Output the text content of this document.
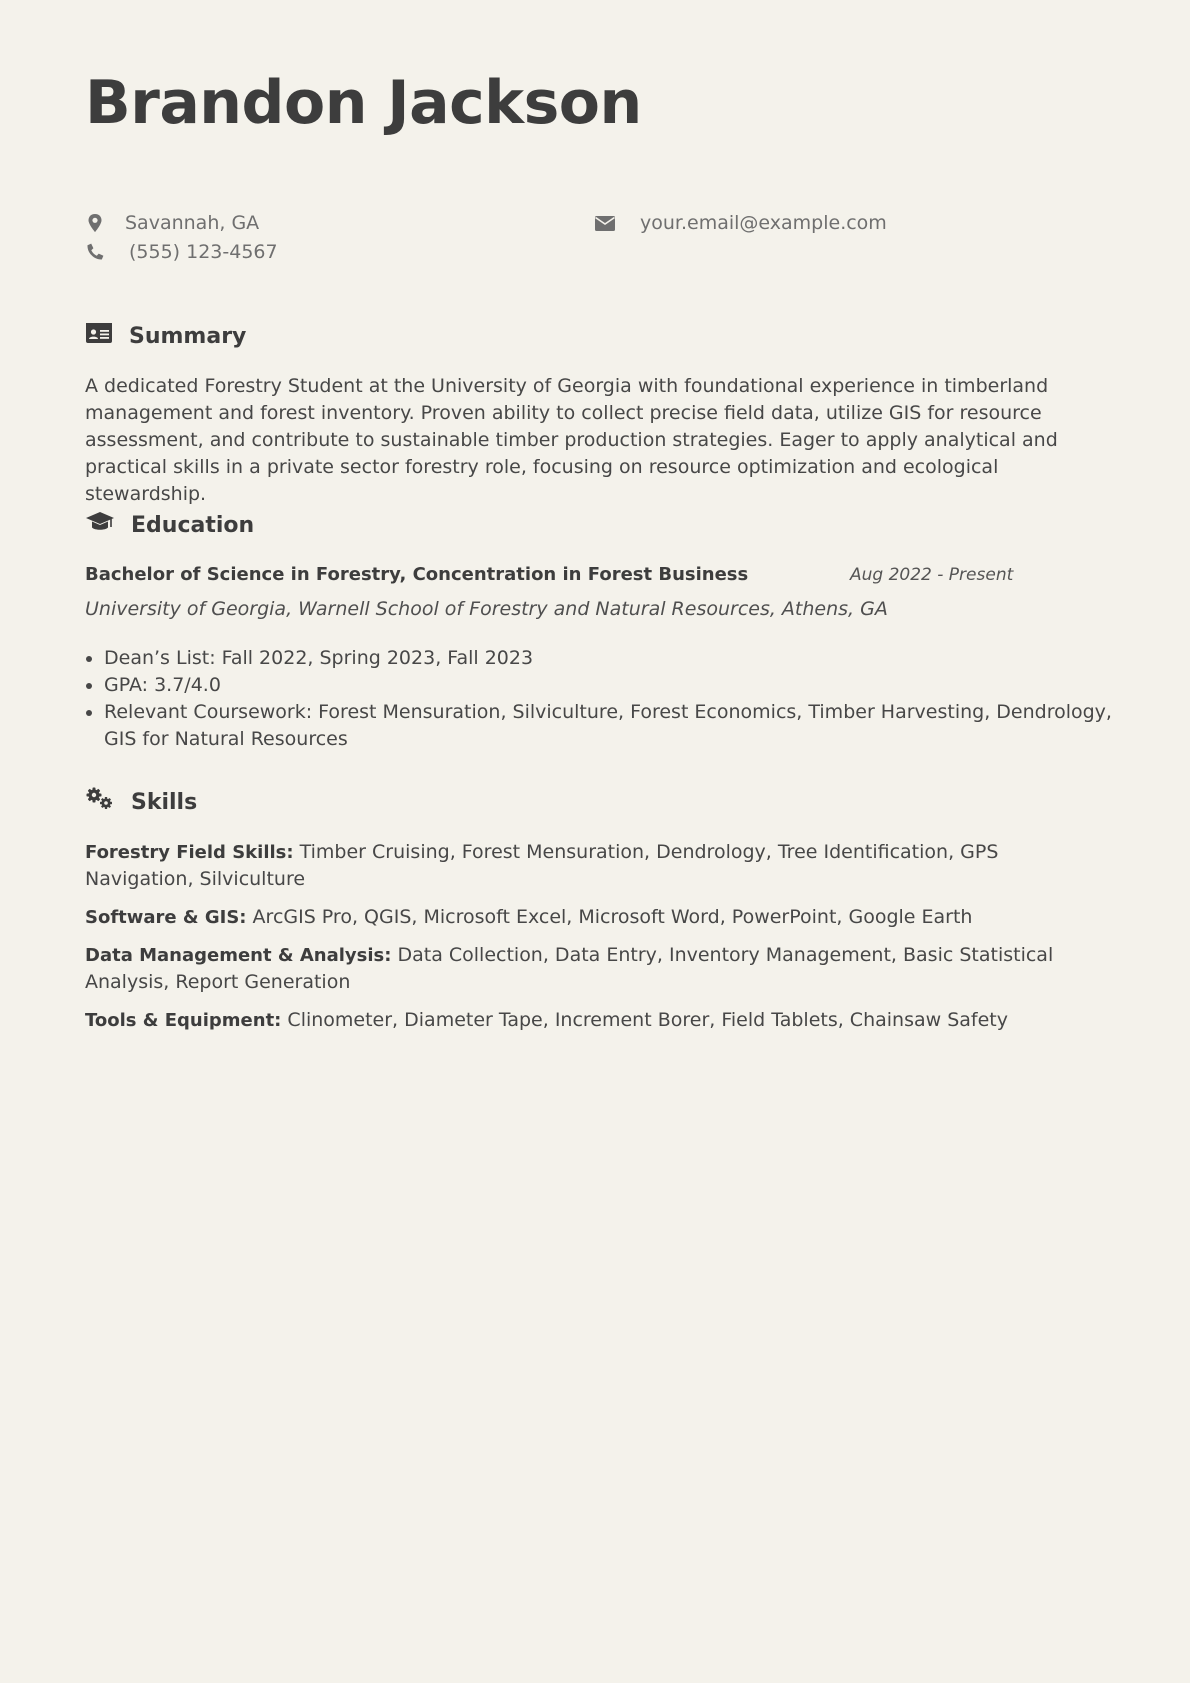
Brandon Jackson
Savannah, GA
(555) 123-4567
your.email@example.com
Summary

A dedicated Forestry Student at the University of Georgia with foundational experience in timberland management and forest inventory. Proven ability to collect precise field data, utilize GIS for resource assessment, and contribute to sustainable timber production strategies. Eager to apply analytical and practical skills in a private sector forestry role, focusing on resource optimization and ecological stewardship.

Education

Bachelor of Science in Forestry, Concentration in Forest Business	Aug 2022 - Present

University of Georgia, Warnell School of Forestry and Natural Resources, Athens, GA

• Dean’s List: Fall 2022, Spring 2023, Fall 2023
• GPA: 3.7/4.0
• Relevant Coursework: Forest Mensuration, Silviculture, Forest Economics, Timber Harvesting, Dendrology, GIS for Natural Resources
Skills

Forestry Field Skills: Timber Cruising, Forest Mensuration, Dendrology, Tree Identification, GPS Navigation, Silviculture

Software & GIS: ArcGIS Pro, QGIS, Microsoft Excel, Microsoft Word, PowerPoint, Google Earth

Data Management & Analysis: Data Collection, Data Entry, Inventory Management, Basic Statistical Analysis, Report Generation

Tools & Equipment: Clinometer, Diameter Tape, Increment Borer, Field Tablets, Chainsaw Safety
